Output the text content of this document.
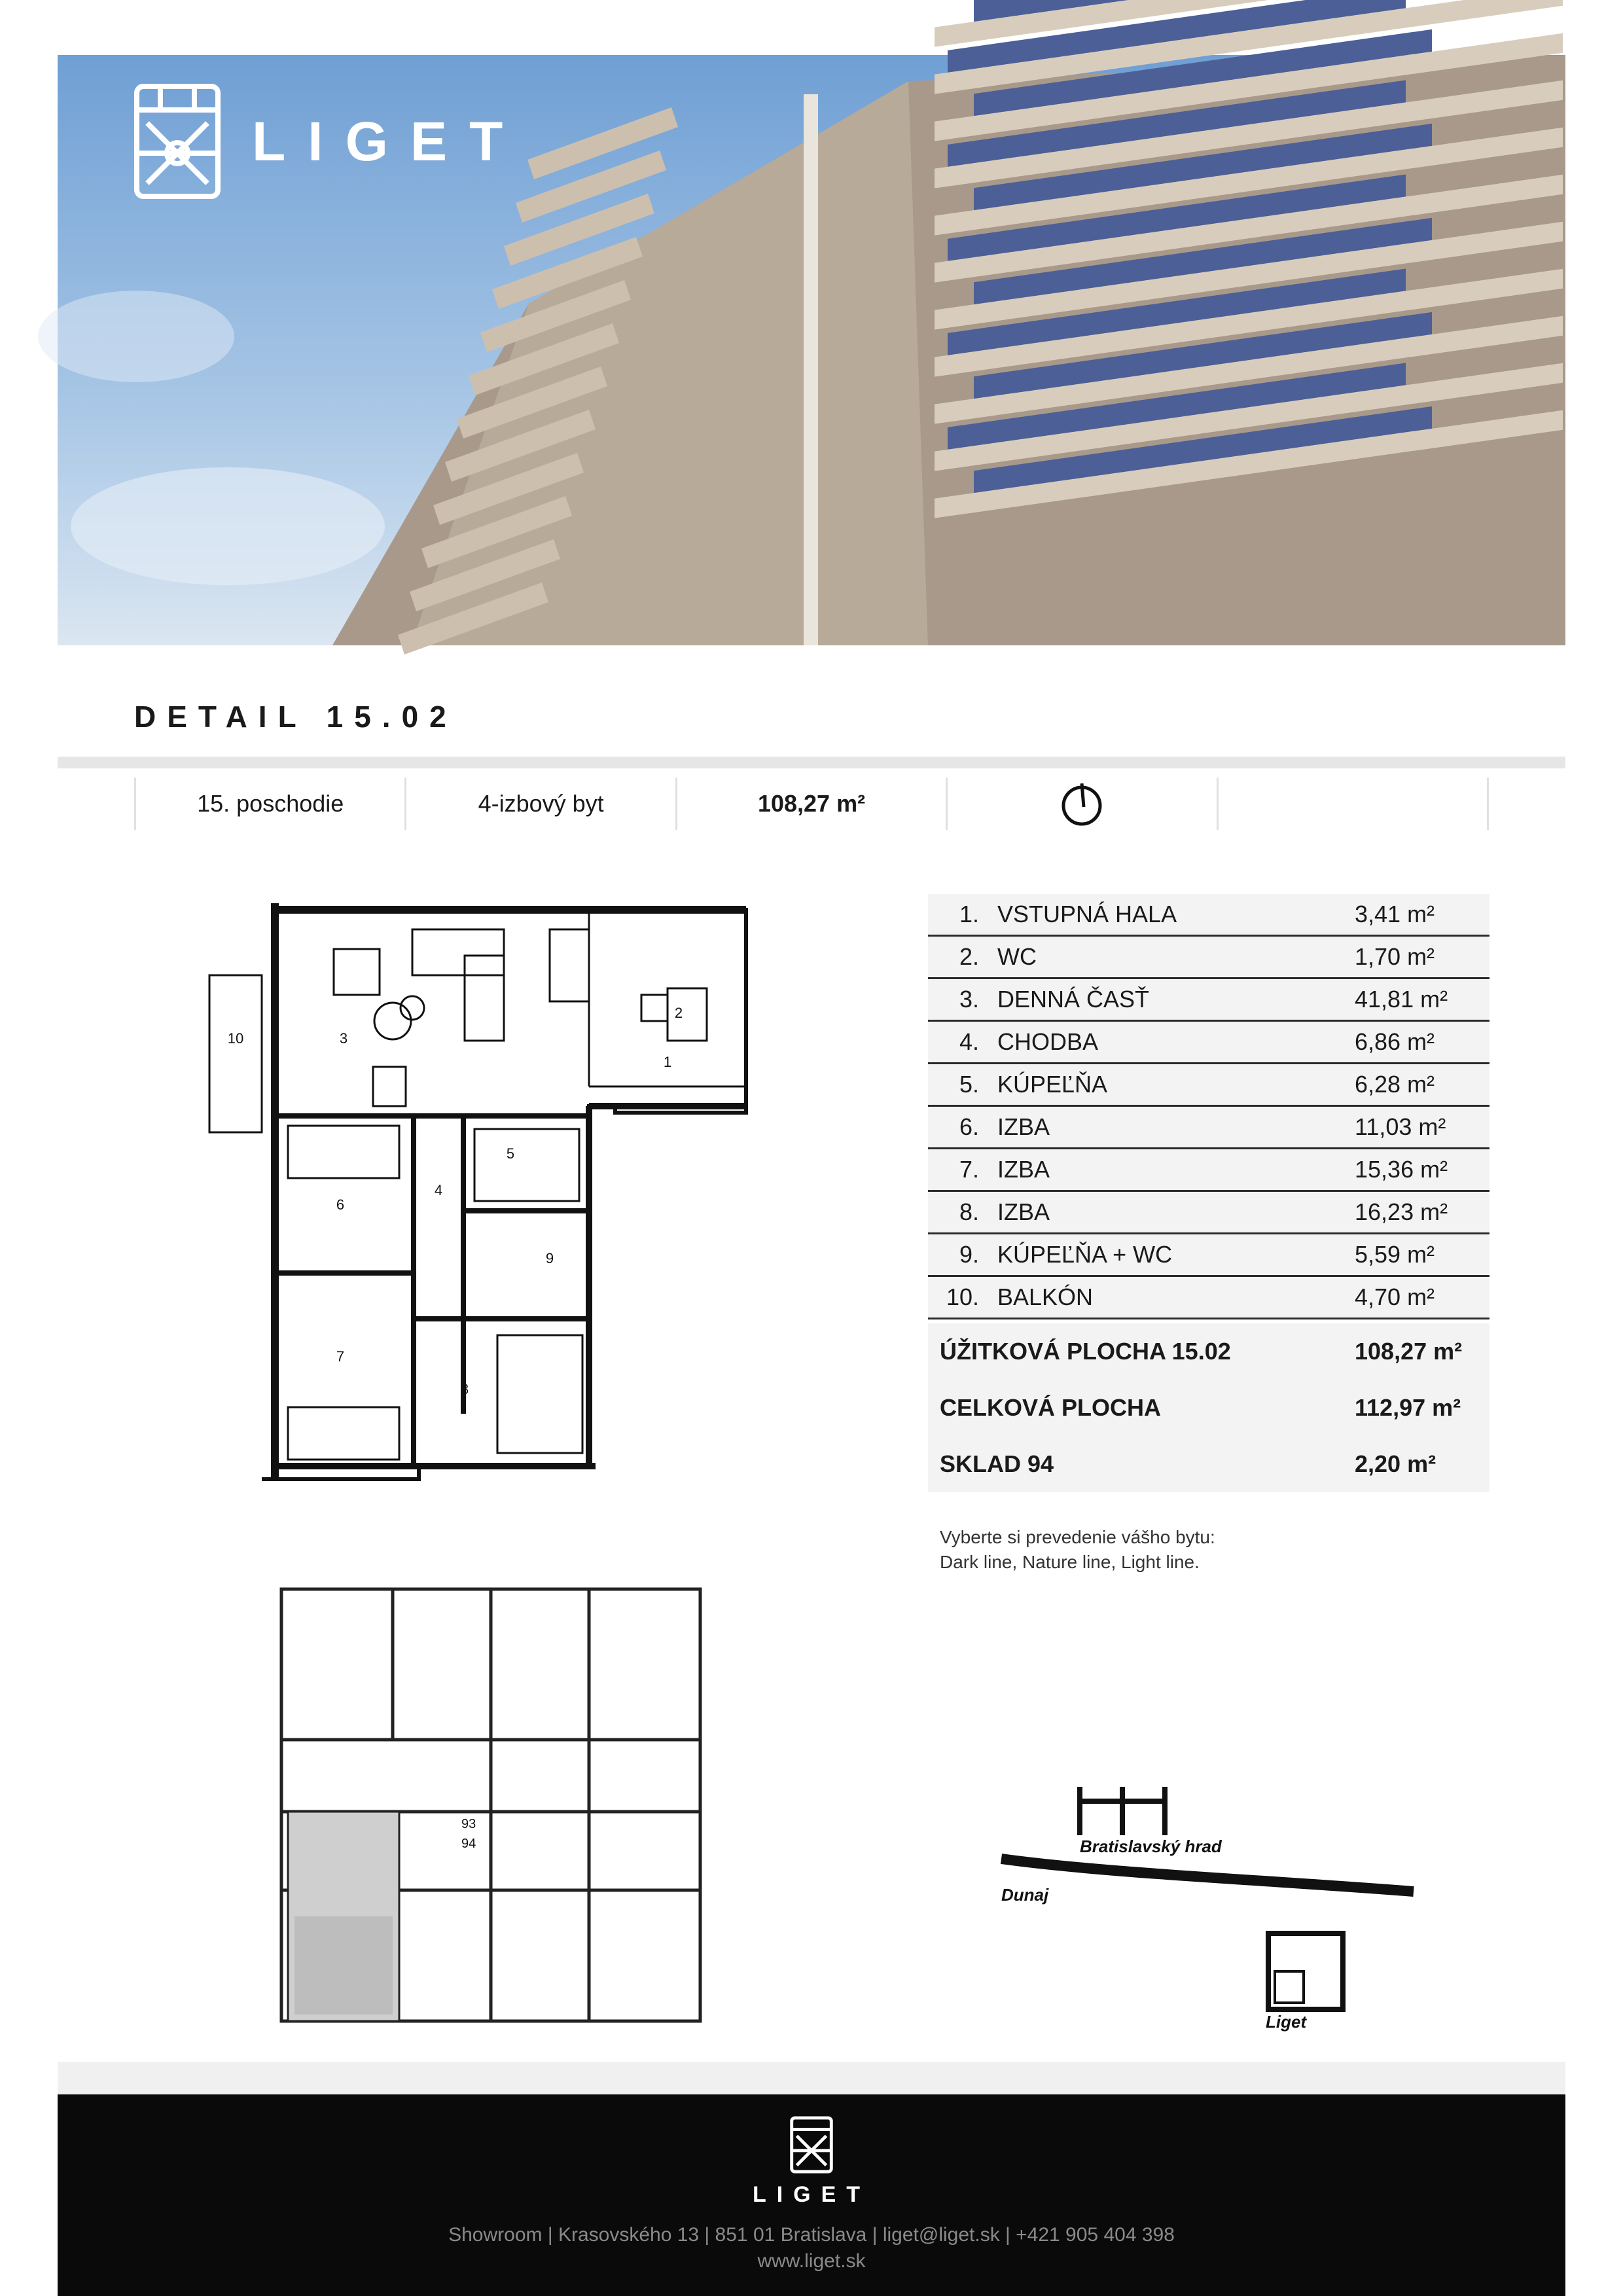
LIGET
DETAIL 15.02
15. poschodie	4-izbový byt	108,27 m²
1
2
3
4
5
6
7
8
9
10
1. VSTUPNÁ HALA	3,41 m²
2. WC	1,70 m²
3. DENNÁ ČASŤ	41,81 m²
4. CHODBA	6,86 m²
5. KÚPEĽŇA	6,28 m²
6. IZBA	11,03 m²
7. IZBA	15,36 m²
8. IZBA	16,23 m²
9. KÚPEĽŇA + WC	5,59 m²
10. BALKÓN	4,70 m²
ÚŽITKOVÁ PLOCHA 15.02	108,27 m²
CELKOVÁ PLOCHA	112,97 m²
SKLAD 94	2,20 m²
Vyberte si prevedenie vášho bytu:
Dark line, Nature line, Light line.
93
94	Bratislavský hrad
Dunaj
Liget
LIGET
Showroom | Krasovského 13 | 851 01 Bratislava | liget@liget.sk | +421 905 404 398
www.liget.sk
